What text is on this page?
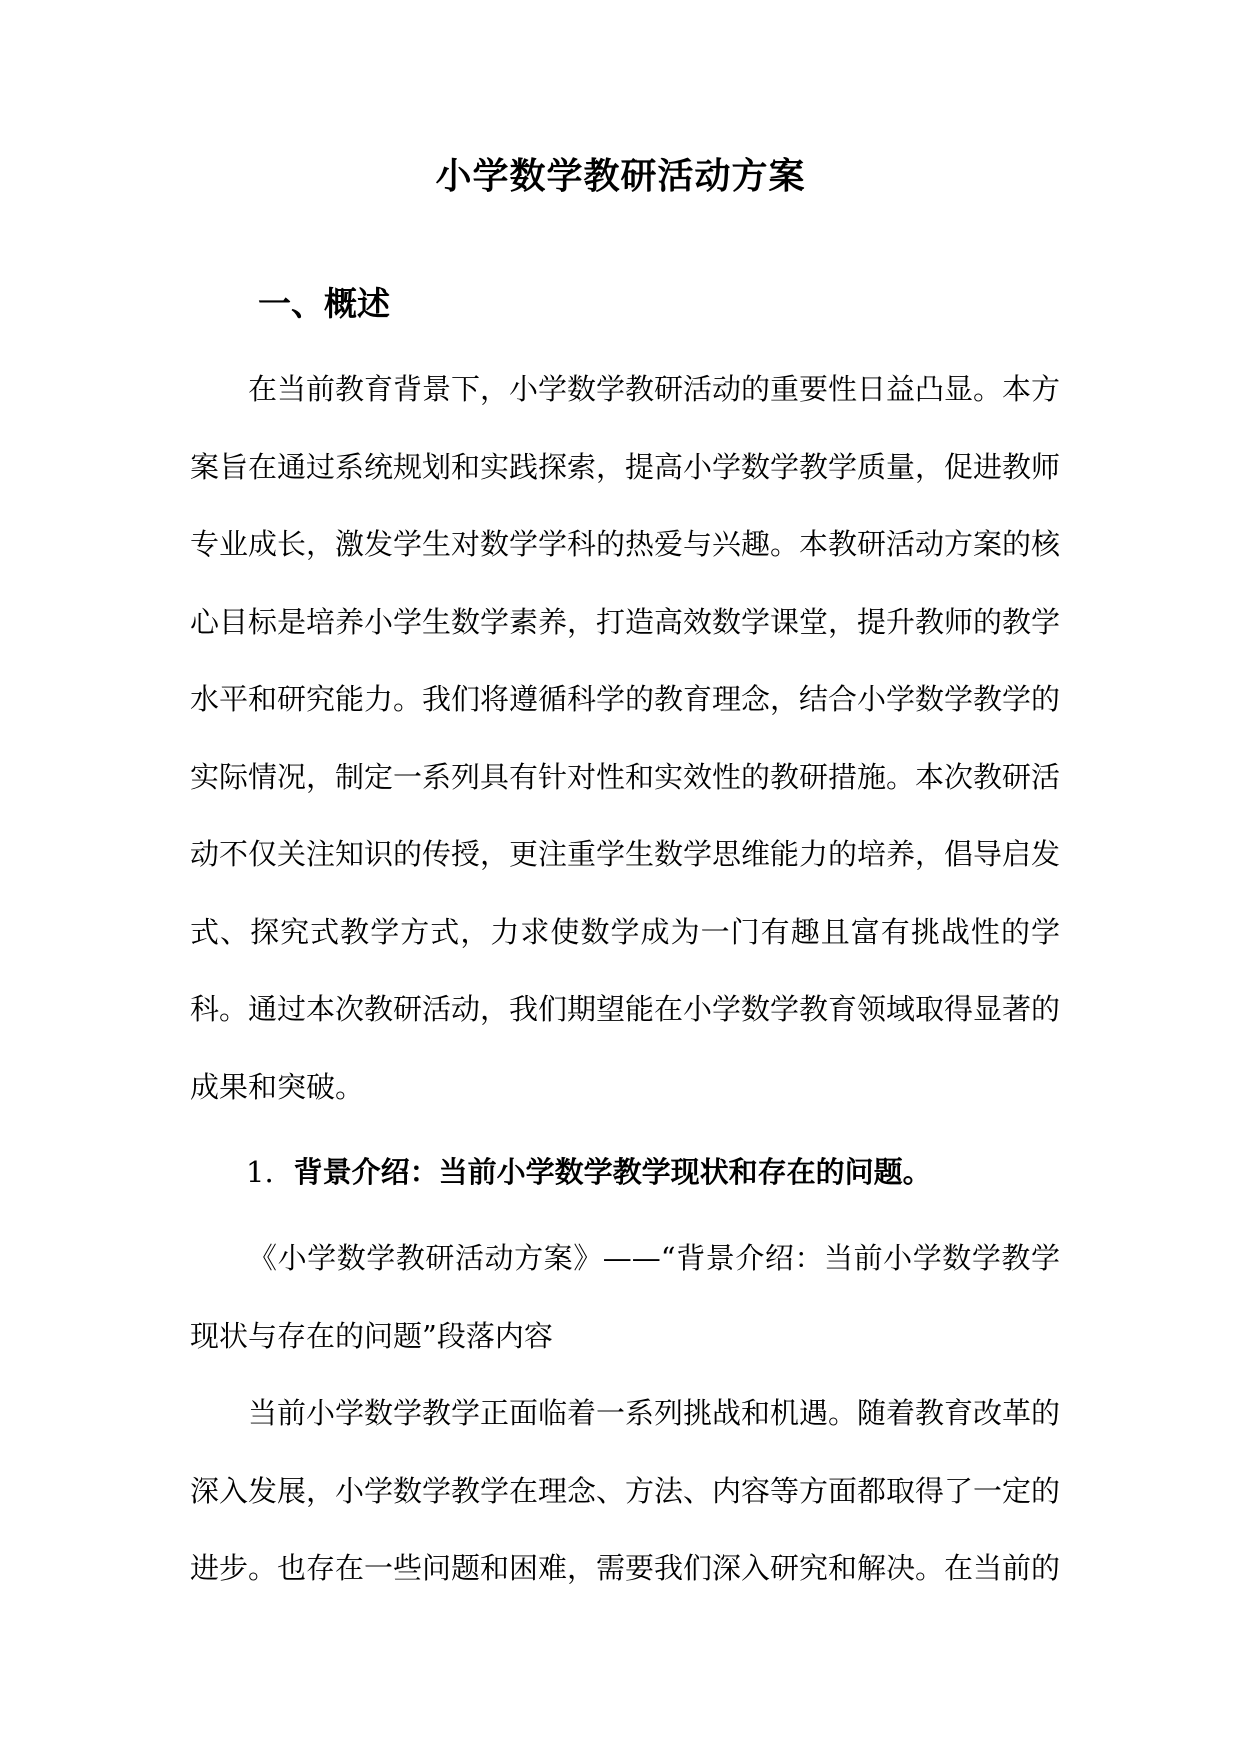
小学数学教研活动方案
一、概述

在当前教育背景下，小学数学教研活动的重要性日益凸显。本方案旨在通过系统规划和实践探索，提高小学数学教学质量，促进教师专业成长，激发学生对数学学科的热爱与兴趣。本教研活动方案的核心目标是培养小学生数学素养，打造高效数学课堂，提升教师的教学水平和研究能力。我们将遵循科学的教育理念，结合小学数学教学的实际情况，制定一系列具有针对性和实效性的教研措施。本次教研活动不仅关注知识的传授，更注重学生数学思维能力的培养，倡导启发式、探究式教学方式，力求使数学成为一门有趣且富有挑战性的学科。通过本次教研活动，我们期望能在小学数学教育领域取得显著的成果和突破。

1. 背景介绍：当前小学数学教学现状和存在的问题。

《小学数学教研活动方案》——“背景介绍：当前小学数学教学现状与存在的问题”段落内容

当前小学数学教学正面临着一系列挑战和机遇。随着教育改革的深入发展，小学数学教学在理念、方法、内容等方面都取得了一定的进步。也存在一些问题和困难，需要我们深入研究和解决。在当前的
